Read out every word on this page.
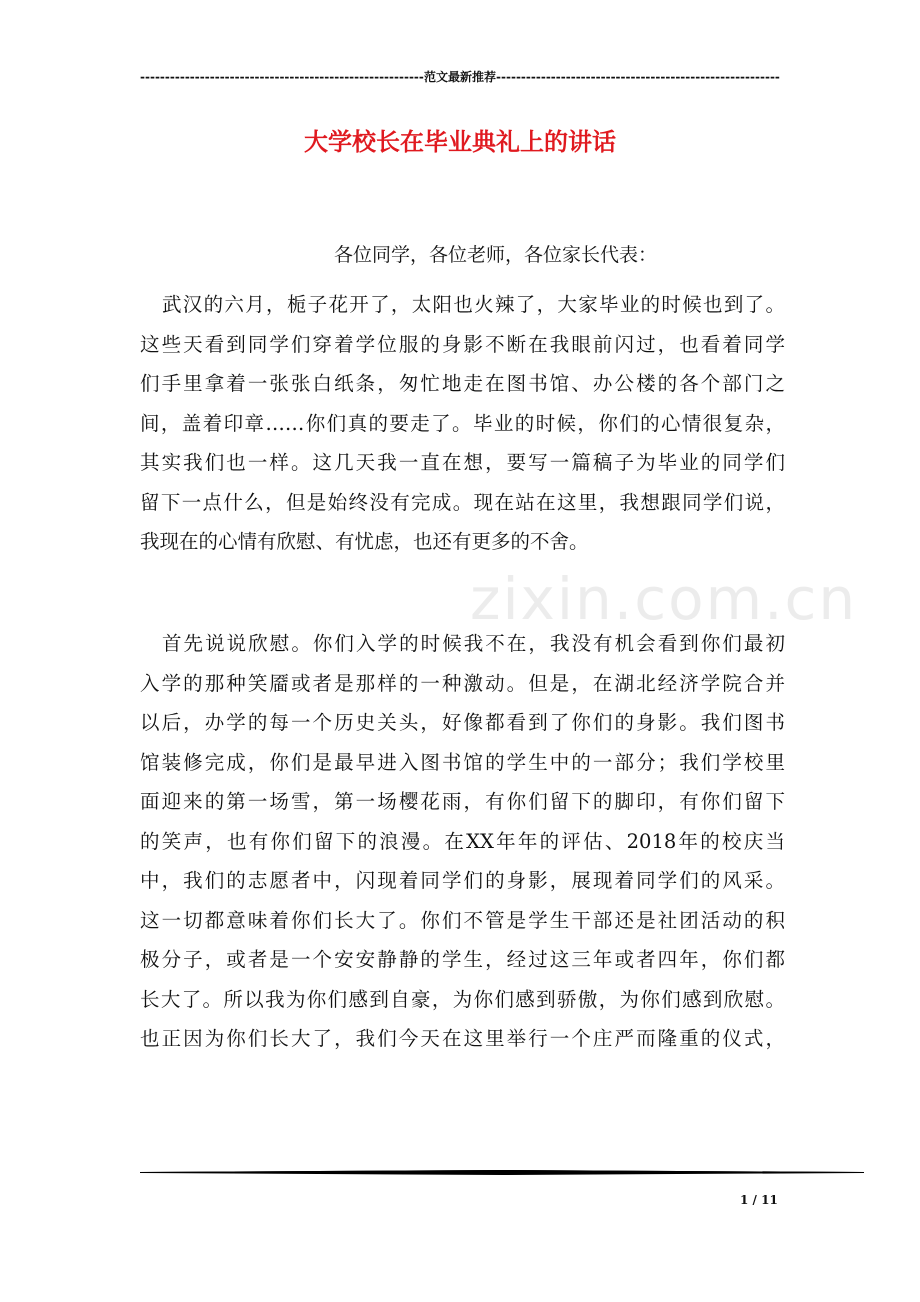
-----
范文最新推荐
-----
大学校长在毕业典礼上的讲话
各位同学，各位老师，各位家长代表：
武汉的六月，栀子花开了，太阳也火辣了，大家毕业的时候也到了。
这些天看到同学们穿着学位服的身影不断在我眼前闪过，也看着同学
们手里拿着一张张白纸条，匆忙地走在图书馆、办公楼的各个部门之
间，盖着印章……你们真的要走了。毕业的时候，你们的心情很复杂，
其实我们也一样。这几天我一直在想，要写一篇稿子为毕业的同学们
留下一点什么，但是始终没有完成。现在站在这里，我想跟同学们说，
我现在的心情有欣慰、有忧虑，也还有更多的不舍。
首先说说欣慰。你们入学的时候我不在，我没有机会看到你们最初
入学的那种笑靥或者是那样的一种激动。但是，在湖北经济学院合并
以后，办学的每一个历史关头，好像都看到了你们的身影。我们图书
馆装修完成，你们是最早进入图书馆的学生中的一部分；我们学校里
面迎来的第一场雪，第一场樱花雨，有你们留下的脚印，有你们留下
的笑声，也有你们留下的浪漫。在XX年年的评估、2018年的校庆当
中，我们的志愿者中，闪现着同学们的身影，展现着同学们的风采。
这一切都意味着你们长大了。你们不管是学生干部还是社团活动的积
极分子，或者是一个安安静静的学生，经过这三年或者四年，你们都
长大了。所以我为你们感到自豪，为你们感到骄傲，为你们感到欣慰。
也正因为你们长大了，我们今天在这里举行一个庄严而隆重的仪式，
zixin.com.cn
1 / 11
